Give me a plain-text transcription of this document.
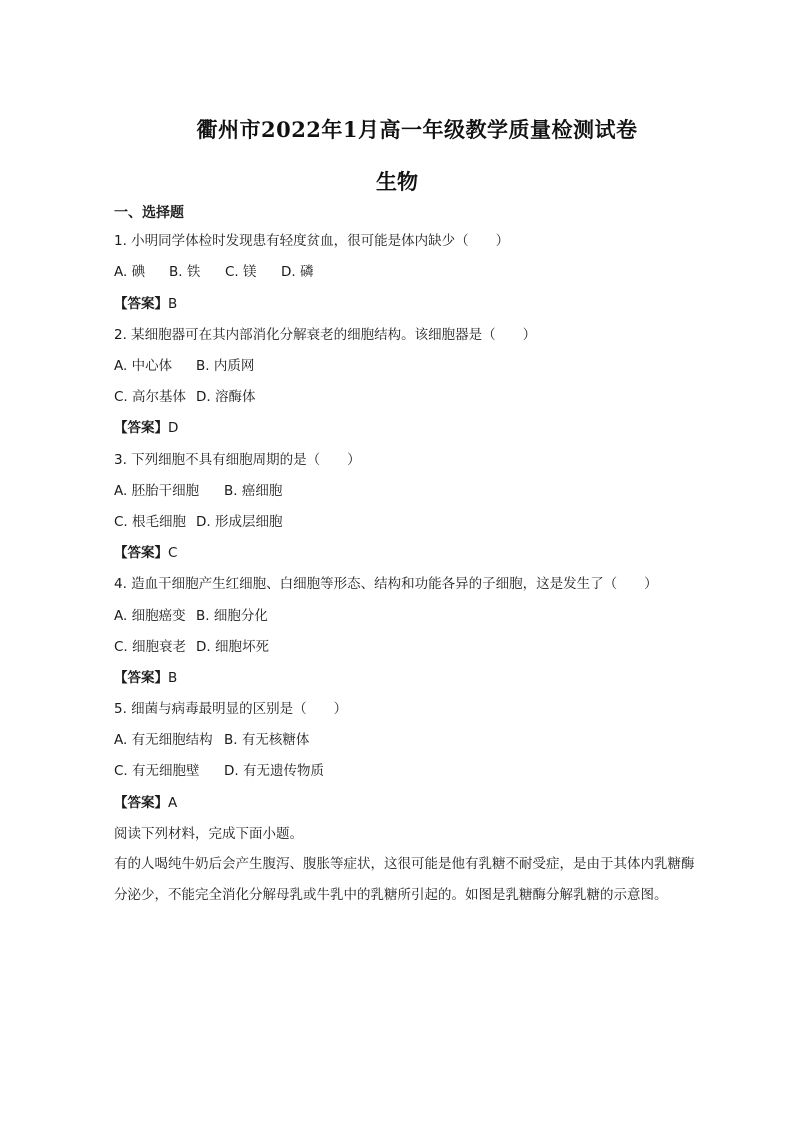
衢州市2022年1月高一年级教学质量检测试卷
生物
一、选择题
1. 小明同学体检时发现患有轻度贫血，很可能是体内缺少（　　）
A. 碘 B. 铁 C. 镁 D. 磷
【答案】B
2. 某细胞器可在其内部消化分解衰老的细胞结构。该细胞器是（　　）
A. 中心体 B. 内质网
C. 高尔基体 D. 溶酶体
【答案】D
3. 下列细胞不具有细胞周期的是（　　）
A. 胚胎干细胞 B. 癌细胞
C. 根毛细胞 D. 形成层细胞
【答案】C
4. 造血干细胞产生红细胞、白细胞等形态、结构和功能各异的子细胞，这是发生了（　　）
A. 细胞癌变 B. 细胞分化
C. 细胞衰老 D. 细胞坏死
【答案】B
5. 细菌与病毒最明显的区别是（　　）
A. 有无细胞结构 B. 有无核糖体
C. 有无细胞壁 D. 有无遗传物质
【答案】A
阅读下列材料，完成下面小题。
有的人喝纯牛奶后会产生腹泻、腹胀等症状，这很可能是他有乳糖不耐受症，是由于其体内乳糖酶分泌少，不能完全消化分解母乳或牛乳中的乳糖所引起的。如图是乳糖酶分解乳糖的示意图。
